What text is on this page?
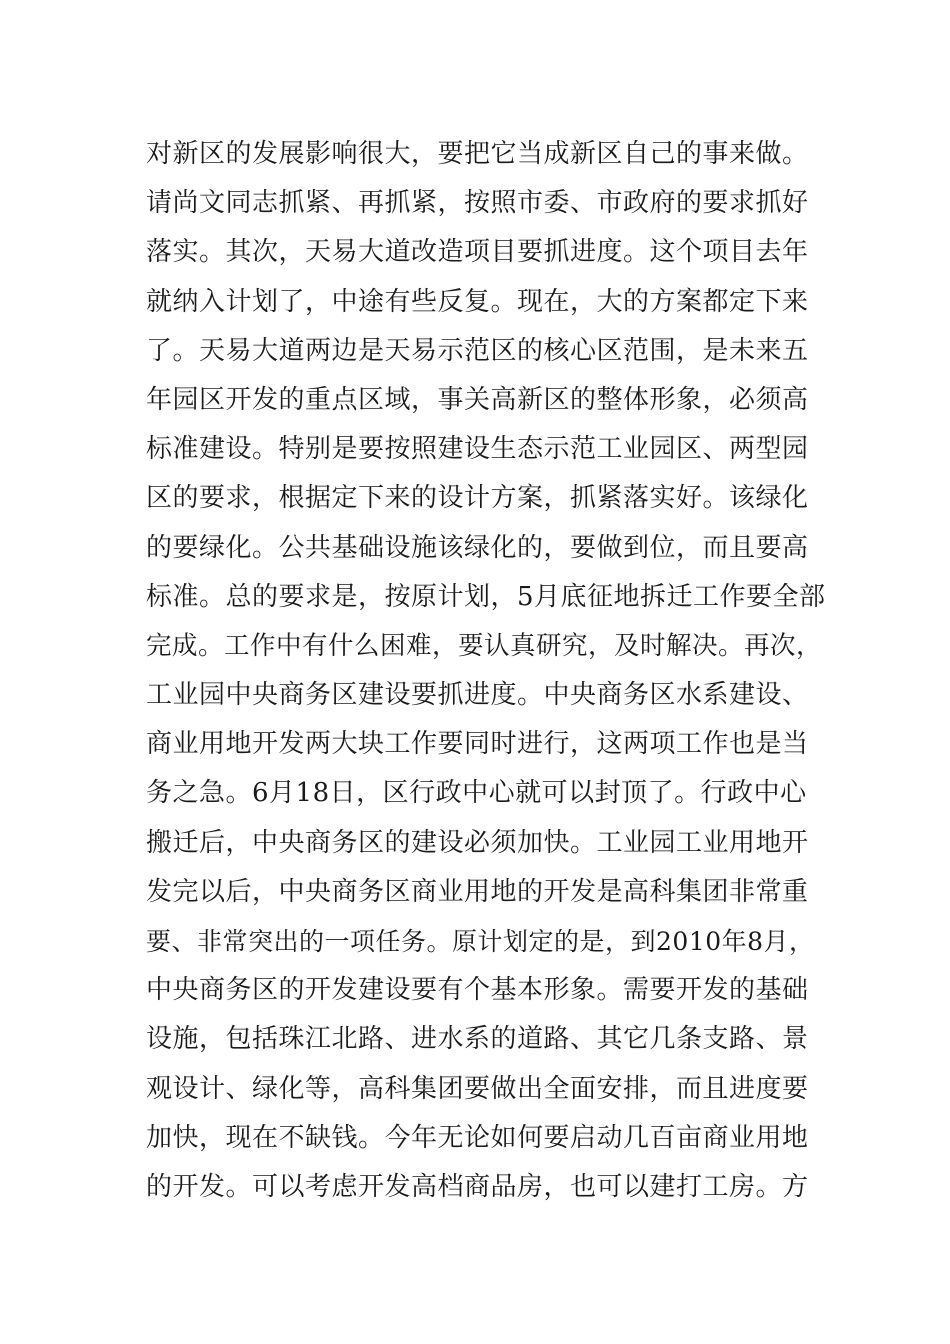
对新区的发展影响很大，要把它当成新区自己的事来做。
请尚文同志抓紧、再抓紧，按照市委、市政府的要求抓好
落实。其次，天易大道改造项目要抓进度。这个项目去年
就纳入计划了，中途有些反复。现在，大的方案都定下来
了。天易大道两边是天易示范区的核心区范围，是未来五
年园区开发的重点区域，事关高新区的整体形象，必须高
标准建设。特别是要按照建设生态示范工业园区、两型园
区的要求，根据定下来的设计方案，抓紧落实好。该绿化
的要绿化。公共基础设施该绿化的，要做到位，而且要高
标准。总的要求是，按原计划，5月底征地拆迁工作要全部
完成。工作中有什么困难，要认真研究，及时解决。再次，
工业园中央商务区建设要抓进度。中央商务区水系建设、
商业用地开发两大块工作要同时进行，这两项工作也是当
务之急。6月18日，区行政中心就可以封顶了。行政中心
搬迁后，中央商务区的建设必须加快。工业园工业用地开
发完以后，中央商务区商业用地的开发是高科集团非常重
要、非常突出的一项任务。原计划定的是，到2010年8月，
中央商务区的开发建设要有个基本形象。需要开发的基础
设施，包括珠江北路、进水系的道路、其它几条支路、景
观设计、绿化等，高科集团要做出全面安排，而且进度要
加快，现在不缺钱。今年无论如何要启动几百亩商业用地
的开发。可以考虑开发高档商品房，也可以建打工房。方
